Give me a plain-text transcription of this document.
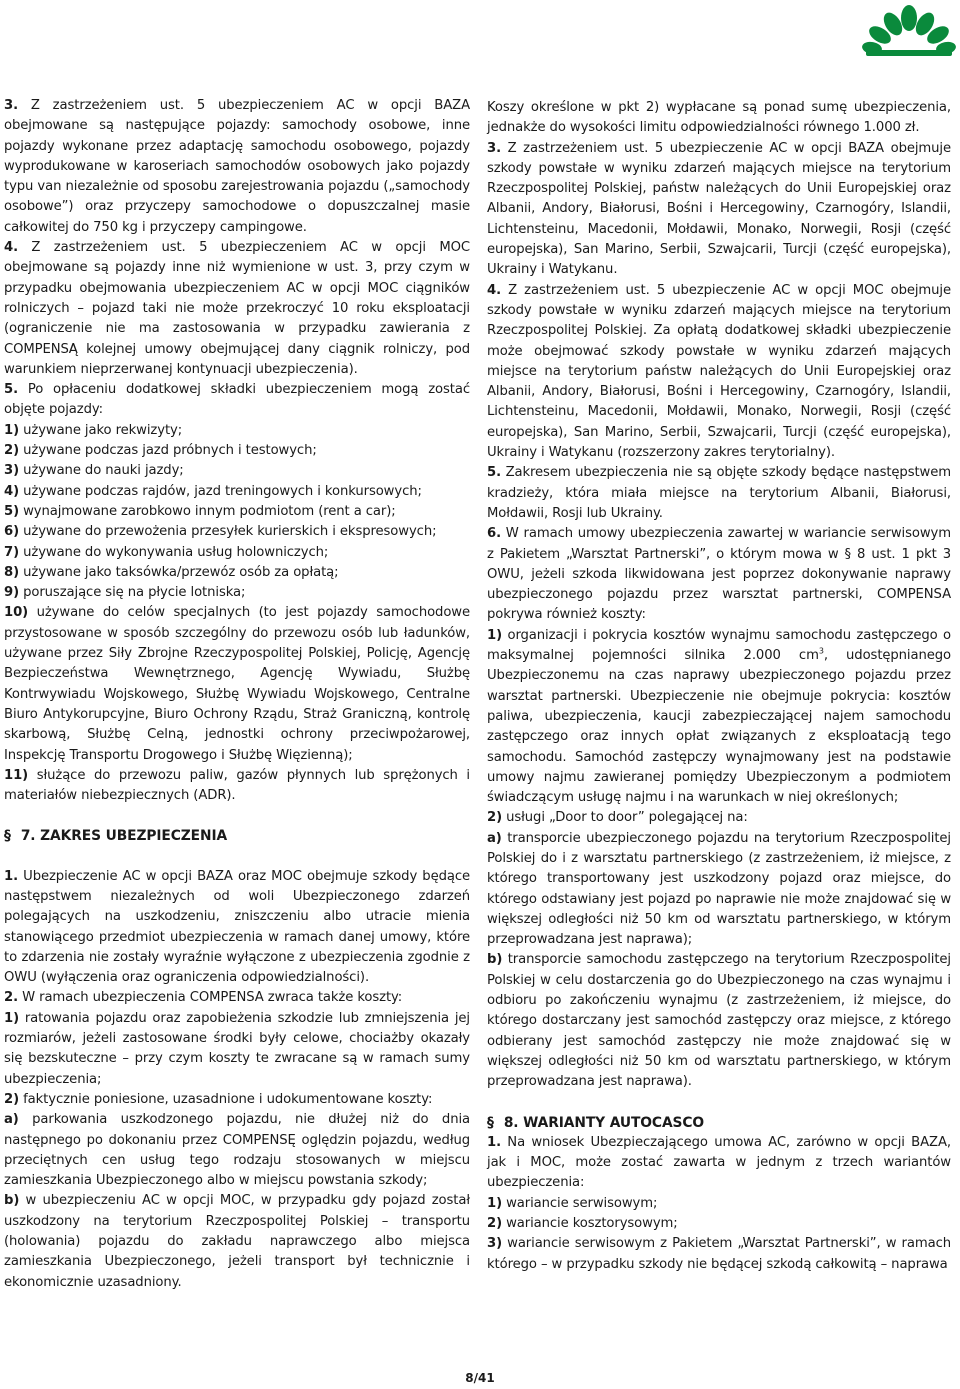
3. Z zastrzeżeniem ust. 5 ubezpieczeniem AC w opcji BAZA obejmowane są następujące pojazdy: samochody osobowe, inne pojazdy wykonane przez adaptację samochodu osobowego, pojazdy wyprodukowane w karoseriach samochodów osobowych jako pojazdy typu van niezależnie od sposobu zarejestrowania pojazdu („samochody osobowe”) oraz przyczepy samochodowe o dopuszczalnej masie całkowitej do 750 kg i przyczepy campingowe.

4. Z zastrzeżeniem ust. 5 ubezpieczeniem AC w opcji MOC obejmowane są pojazdy inne niż wymienione w ust. 3, przy czym w przypadku obejmowania ubezpieczeniem AC w opcji MOC ciągników rolniczych – pojazd taki nie może przekroczyć 10 roku eksploatacji (ograniczenie nie ma zastosowania w przypadku zawierania z COMPENSĄ kolejnej umowy obejmującej dany ciągnik rolniczy, pod warunkiem nieprzerwanej kontynuacji ubezpieczenia).

5. Po opłaceniu dodatkowej składki ubezpieczeniem mogą zostać objęte pojazdy:

1) używane jako rekwizyty;

2) używane podczas jazd próbnych i testowych;

3) używane do nauki jazdy;

4) używane podczas rajdów, jazd treningowych i konkursowych;

5) wynajmowane zarobkowo innym podmiotom (rent a car);

6) używane do przewożenia przesyłek kurierskich i ekspresowych;

7) używane do wykonywania usług holowniczych;

8) używane jako taksówka/przewóz osób za opłatą;

9) poruszające się na płycie lotniska;

10) używane do celów specjalnych (to jest pojazdy samochodowe przystosowane w sposób szczególny do przewozu osób lub ładunków, używane przez Siły Zbrojne Rzeczypospolitej Polskiej, Policję, Agencję Bezpieczeństwa Wewnętrznego, Agencję Wywiadu, Służbę Kontrwywiadu Wojskowego, Służbę Wywiadu Wojskowego, Centralne Biuro Antykorupcyjne, Biuro Ochrony Rządu, Straż Graniczną, kontrolę skarbową, Służbę Celną, jednostki ochrony przeciwpożarowej, Inspekcję Transportu Drogowego i Służbę Więzienną);

11) służące do przewozu paliw, gazów płynnych lub sprężonych i materiałów niebezpiecznych (ADR).

§ 7. ZAKRES UBEZPIECZENIA

1. Ubezpieczenie AC w opcji BAZA oraz MOC obejmuje szkody będące następstwem niezależnych od woli Ubezpieczonego zdarzeń polegających na uszkodzeniu, zniszczeniu albo utracie mienia stanowiącego przedmiot ubezpieczenia w ramach danej umowy, które to zdarzenia nie zostały wyraźnie wyłączone z ubezpieczenia zgodnie z OWU (wyłączenia oraz ograniczenia odpowiedzialności).

2. W ramach ubezpieczenia COMPENSA zwraca także koszty:

1) ratowania pojazdu oraz zapobieżenia szkodzie lub zmniejszenia jej rozmiarów, jeżeli zastosowane środki były celowe, chociażby okazały się bezskuteczne – przy czym koszty te zwracane są w ramach sumy ubezpieczenia;

2) faktycznie poniesione, uzasadnione i udokumentowane koszty:

a) parkowania uszkodzonego pojazdu, nie dłużej niż do dnia następnego po dokonaniu przez COMPENSĘ oględzin pojazdu, według przeciętnych cen usług tego rodzaju stosowanych w miejscu zamieszkania Ubezpieczonego albo w miejscu powstania szkody;

b) w ubezpieczeniu AC w opcji MOC, w przypadku gdy pojazd został uszkodzony na terytorium Rzeczpospolitej Polskiej – transportu (holowania) pojazdu do zakładu naprawczego albo miejsca zamieszkania Ubezpieczonego, jeżeli transport był technicznie i ekonomicznie uzasadniony.

Koszy określone w pkt 2) wypłacane są ponad sumę ubezpieczenia, jednakże do wysokości limitu odpowiedzialności równego 1.000 zł.

3. Z zastrzeżeniem ust. 5 ubezpieczenie AC w opcji BAZA obejmuje szkody powstałe w wyniku zdarzeń mających miejsce na terytorium Rzeczpospolitej Polskiej, państw należących do Unii Europejskiej oraz Albanii, Andory, Białorusi, Bośni i Hercegowiny, Czarnogóry, Islandii, Lichtensteinu, Macedonii, Mołdawii, Monako, Norwegii, Rosji (część europejska), San Marino, Serbii, Szwajcarii, Turcji (część europejska), Ukrainy i Watykanu.

4. Z zastrzeżeniem ust. 5 ubezpieczenie AC w opcji MOC obejmuje szkody powstałe w wyniku zdarzeń mających miejsce na terytorium Rzeczpospolitej Polskiej. Za opłatą dodatkowej składki ubezpieczenie może obejmować szkody powstałe w wyniku zdarzeń mających miejsce na terytorium państw należących do Unii Europejskiej oraz Albanii, Andory, Białorusi, Bośni i Hercegowiny, Czarnogóry, Islandii, Lichtensteinu, Macedonii, Mołdawii, Monako, Norwegii, Rosji (część europejska), San Marino, Serbii, Szwajcarii, Turcji (część europejska), Ukrainy i Watykanu (rozszerzony zakres terytorialny).

5. Zakresem ubezpieczenia nie są objęte szkody będące następstwem kradzieży, która miała miejsce na terytorium Albanii, Białorusi, Mołdawii, Rosji lub Ukrainy.

6. W ramach umowy ubezpieczenia zawartej w wariancie serwisowym z Pakietem „Warsztat Partnerski”, o którym mowa w § 8 ust. 1 pkt 3 OWU, jeżeli szkoda likwidowana jest poprzez dokonywanie naprawy ubezpieczonego pojazdu przez warsztat partnerski, COMPENSA pokrywa również koszty:

1) organizacji i pokrycia kosztów wynajmu samochodu zastępczego o maksymalnej pojemności silnika 2.000 $cm^3$, udostępnianego Ubezpieczonemu na czas naprawy ubezpieczonego pojazdu przez warsztat partnerski. Ubezpieczenie nie obejmuje pokrycia: kosztów paliwa, ubezpieczenia, kaucji zabezpieczającej najem samochodu zastępczego oraz innych opłat związanych z eksploatacją tego samochodu. Samochód zastępczy wynajmowany jest na podstawie umowy najmu zawieranej pomiędzy Ubezpieczonym a podmiotem świadczącym usługę najmu i na warunkach w niej określonych;

2) usługi „Door to door” polegającej na:

a) transporcie ubezpieczonego pojazdu na terytorium Rzeczpospolitej Polskiej do i z warsztatu partnerskiego (z zastrzeżeniem, iż miejsce, z którego transportowany jest uszkodzony pojazd oraz miejsce, do którego odstawiany jest pojazd po naprawie nie może znajdować się w większej odległości niż 50 km od warsztatu partnerskiego, w którym przeprowadzana jest naprawa);

b) transporcie samochodu zastępczego na terytorium Rzeczpospolitej Polskiej w celu dostarczenia go do Ubezpieczonego na czas wynajmu i odbioru po zakończeniu wynajmu (z zastrzeżeniem, iż miejsce, do którego dostarczany jest samochód zastępczy oraz miejsce, z którego odbierany jest samochód zastępczy nie może znajdować się w większej odległości niż 50 km od warsztatu partnerskiego, w którym przeprowadzana jest naprawa).

§ 8. WARIANTY AUTOCASCO

1. Na wniosek Ubezpieczającego umowa AC, zarówno w opcji BAZA, jak i MOC, może zostać zawarta w jednym z trzech wariantów ubezpieczenia:

1) wariancie serwisowym;

2) wariancie kosztorysowym;

3) wariancie serwisowym z Pakietem „Warsztat Partnerski”, w ramach którego – w przypadku szkody nie będącej szkodą całkowitą – naprawa

8/41
